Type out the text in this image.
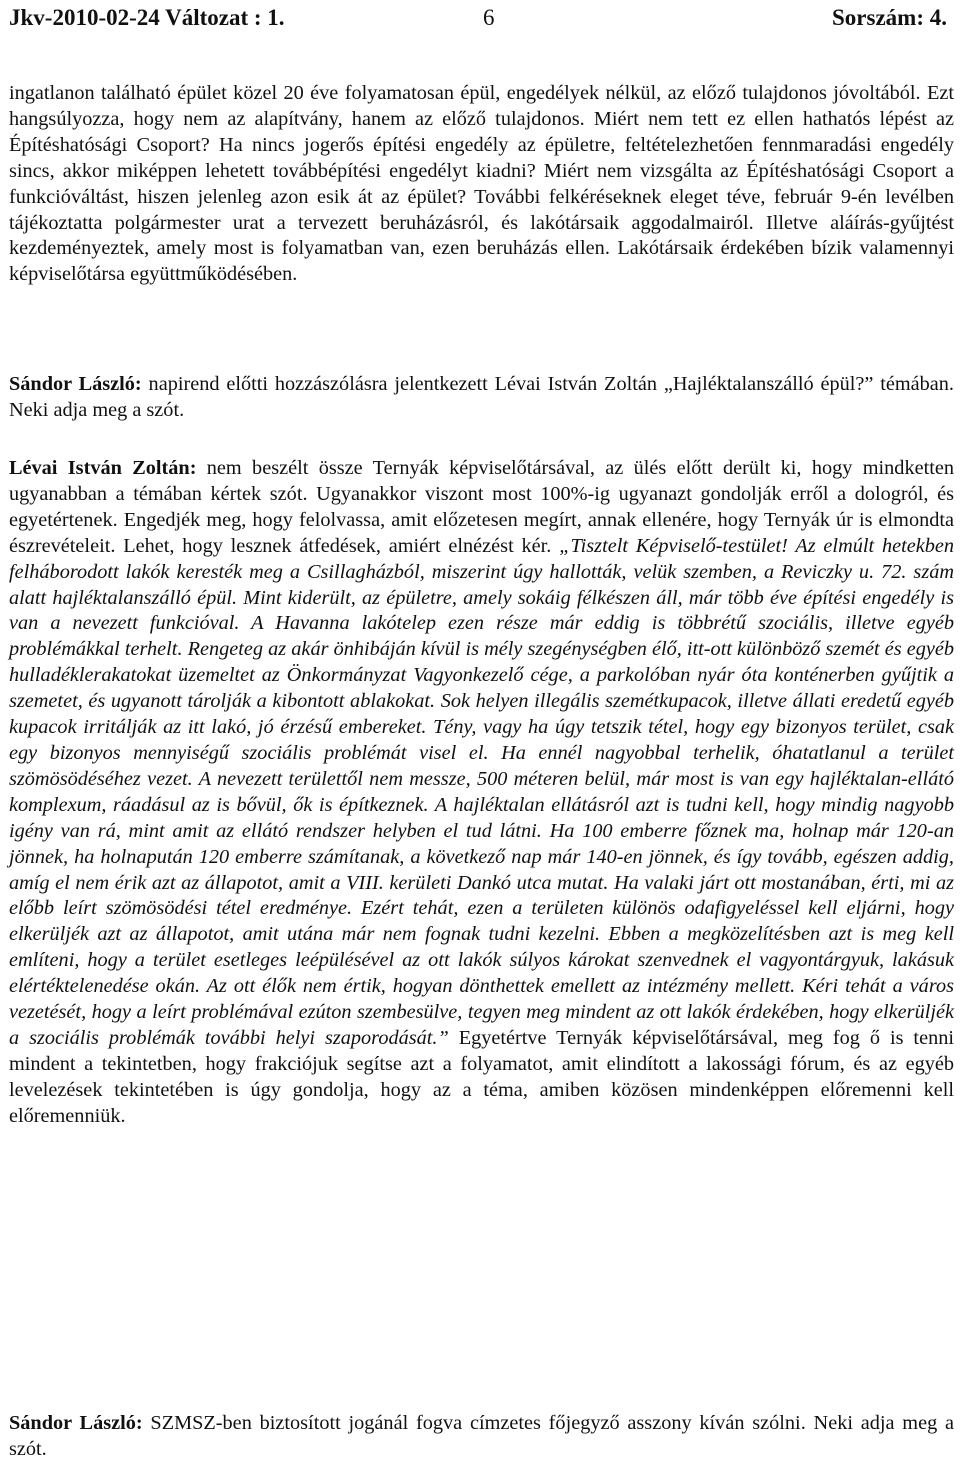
Jkv-2010-02-24 Változat : 1.	6	Sorszám: 4.

ingatlanon található épület közel 20 éve folyamatosan épül, engedélyek nélkül, az előző tulajdonos jóvoltából. Ezt hangsúlyozza, hogy nem az alapítvány, hanem az előző tulajdonos. Miért nem tett ez ellen hathatós lépést az Építéshatósági Csoport? Ha nincs jogerős építési engedély az épületre, feltételezhetően fennmaradási engedély sincs, akkor miképpen lehetett továbbépítési engedélyt kiadni? Miért nem vizsgálta az Építéshatósági Csoport a funkcióváltást, hiszen jelenleg azon esik át az épület? További felkéréseknek eleget téve, február 9-én levélben tájékoztatta polgármester urat a tervezett beruházásról, és lakótársaik aggodalmairól. Illetve aláírás-gyűjtést kezdeményeztek, amely most is folyamatban van, ezen beruházás ellen. Lakótársaik érdekében bízik valamennyi képviselőtársa együttműködésében.

Sándor László: napirend előtti hozzászólásra jelentkezett Lévai István Zoltán „Hajléktalanszálló épül?” témában. Neki adja meg a szót.

Lévai István Zoltán: nem beszélt össze Ternyák képviselőtársával, az ülés előtt derült ki, hogy mindketten ugyanabban a témában kértek szót. Ugyanakkor viszont most 100%-ig ugyanazt gondolják erről a dologról, és egyetértenek. Engedjék meg, hogy felolvassa, amit előzetesen megírt, annak ellenére, hogy Ternyák úr is elmondta észrevételeit. Lehet, hogy lesznek átfedések, amiért elnézést kér. „Tisztelt Képviselő-testület! Az elmúlt hetekben felháborodott lakók keresték meg a Csillagházból, miszerint úgy hallották, velük szemben, a Reviczky u. 72. szám alatt hajléktalanszálló épül. Mint kiderült, az épületre, amely sokáig félkészen áll, már több éve építési engedély is van a nevezett funkcióval. A Havanna lakótelep ezen része már eddig is többrétű szociális, illetve egyéb problémákkal terhelt. Rengeteg az akár önhibáján kívül is mély szegénységben élő, itt-ott különböző szemét és egyéb hulladéklerakatokat üzemeltet az Önkormányzat Vagyonkezelő cége, a parkolóban nyár óta konténerben gyűjtik a szemetet, és ugyanott tárolják a kibontott ablakokat. Sok helyen illegális szemétkupacok, illetve állati eredetű egyéb kupacok irritálják az itt lakó, jó érzésű embereket. Tény, vagy ha úgy tetszik tétel, hogy egy bizonyos terület, csak egy bizonyos mennyiségű szociális problémát visel el. Ha ennél nagyobbal terhelik, óhatatlanul a terület szömösödéséhez vezet. A nevezett területtől nem messze, 500 méteren belül, már most is van egy hajléktalan-ellátó komplexum, ráadásul az is bővül, ők is építkeznek. A hajléktalan ellátásról azt is tudni kell, hogy mindig nagyobb igény van rá, mint amit az ellátó rendszer helyben el tud látni. Ha 100 emberre főznek ma, holnap már 120-an jönnek, ha holnapután 120 emberre számítanak, a következő nap már 140-en jönnek, és így tovább, egészen addig, amíg el nem érik azt az állapotot, amit a VIII. kerületi Dankó utca mutat. Ha valaki járt ott mostanában, érti, mi az előbb leírt szömösödési tétel eredménye. Ezért tehát, ezen a területen különös odafigyeléssel kell eljárni, hogy elkerüljék azt az állapotot, amit utána már nem fognak tudni kezelni. Ebben a megközelítésben azt is meg kell említeni, hogy a terület esetleges leépülésével az ott lakók súlyos károkat szenvednek el vagyontárgyuk, lakásuk elértéktelenedése okán. Az ott élők nem értik, hogyan dönthettek emellett az intézmény mellett. Kéri tehát a város vezetését, hogy a leírt problémával ezúton szembesülve, tegyen meg mindent az ott lakók érdekében, hogy elkerüljék a szociális problémák további helyi szaporodását.” Egyetértve Ternyák képviselőtársával, meg fog ő is tenni mindent a tekintetben, hogy frakciójuk segítse azt a folyamatot, amit elindított a lakossági fórum, és az egyéb levelezések tekintetében is úgy gondolja, hogy az a téma, amiben közösen mindenképpen előremenni kell előremenniük.

Sándor László: SZMSZ-ben biztosított jogánál fogva címzetes főjegyző asszony kíván szólni. Neki adja meg a szót.
